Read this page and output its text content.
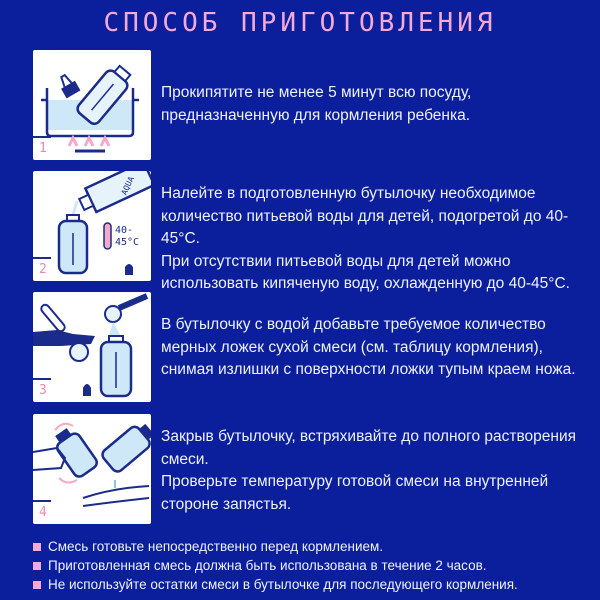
СПОСОБ ПРИГОТОВЛЕНИЯ
1
Прокипятите не менее 5 минут всю посуду,
предназначенную для кормления ребенка.
AQUA
40-
45°C
2
Налейте в подготовленную бутылочку необходимое
количество питьевой воды для детей, подогретой до 40-45°C.
При отсутствии питьевой воды для детей можно
использовать кипяченую воду, охлажденную до 40-45°C.
3
В бутылочку с водой добавьте требуемое количество
мерных ложек сухой смеси (см. таблицу кормления),
снимая излишки с поверхности ложки тупым краем ножа.
4
Закрыв бутылочку, встряхивайте до полного растворения
смеси.
Проверьте температуру готовой смеси на внутренней
стороне запястья.
Смесь готовьте непосредственно перед кормлением.
Приготовленная смесь должна быть использована в течение 2 часов.
Не используйте остатки смеси в бутылочке для последующего кормления.
